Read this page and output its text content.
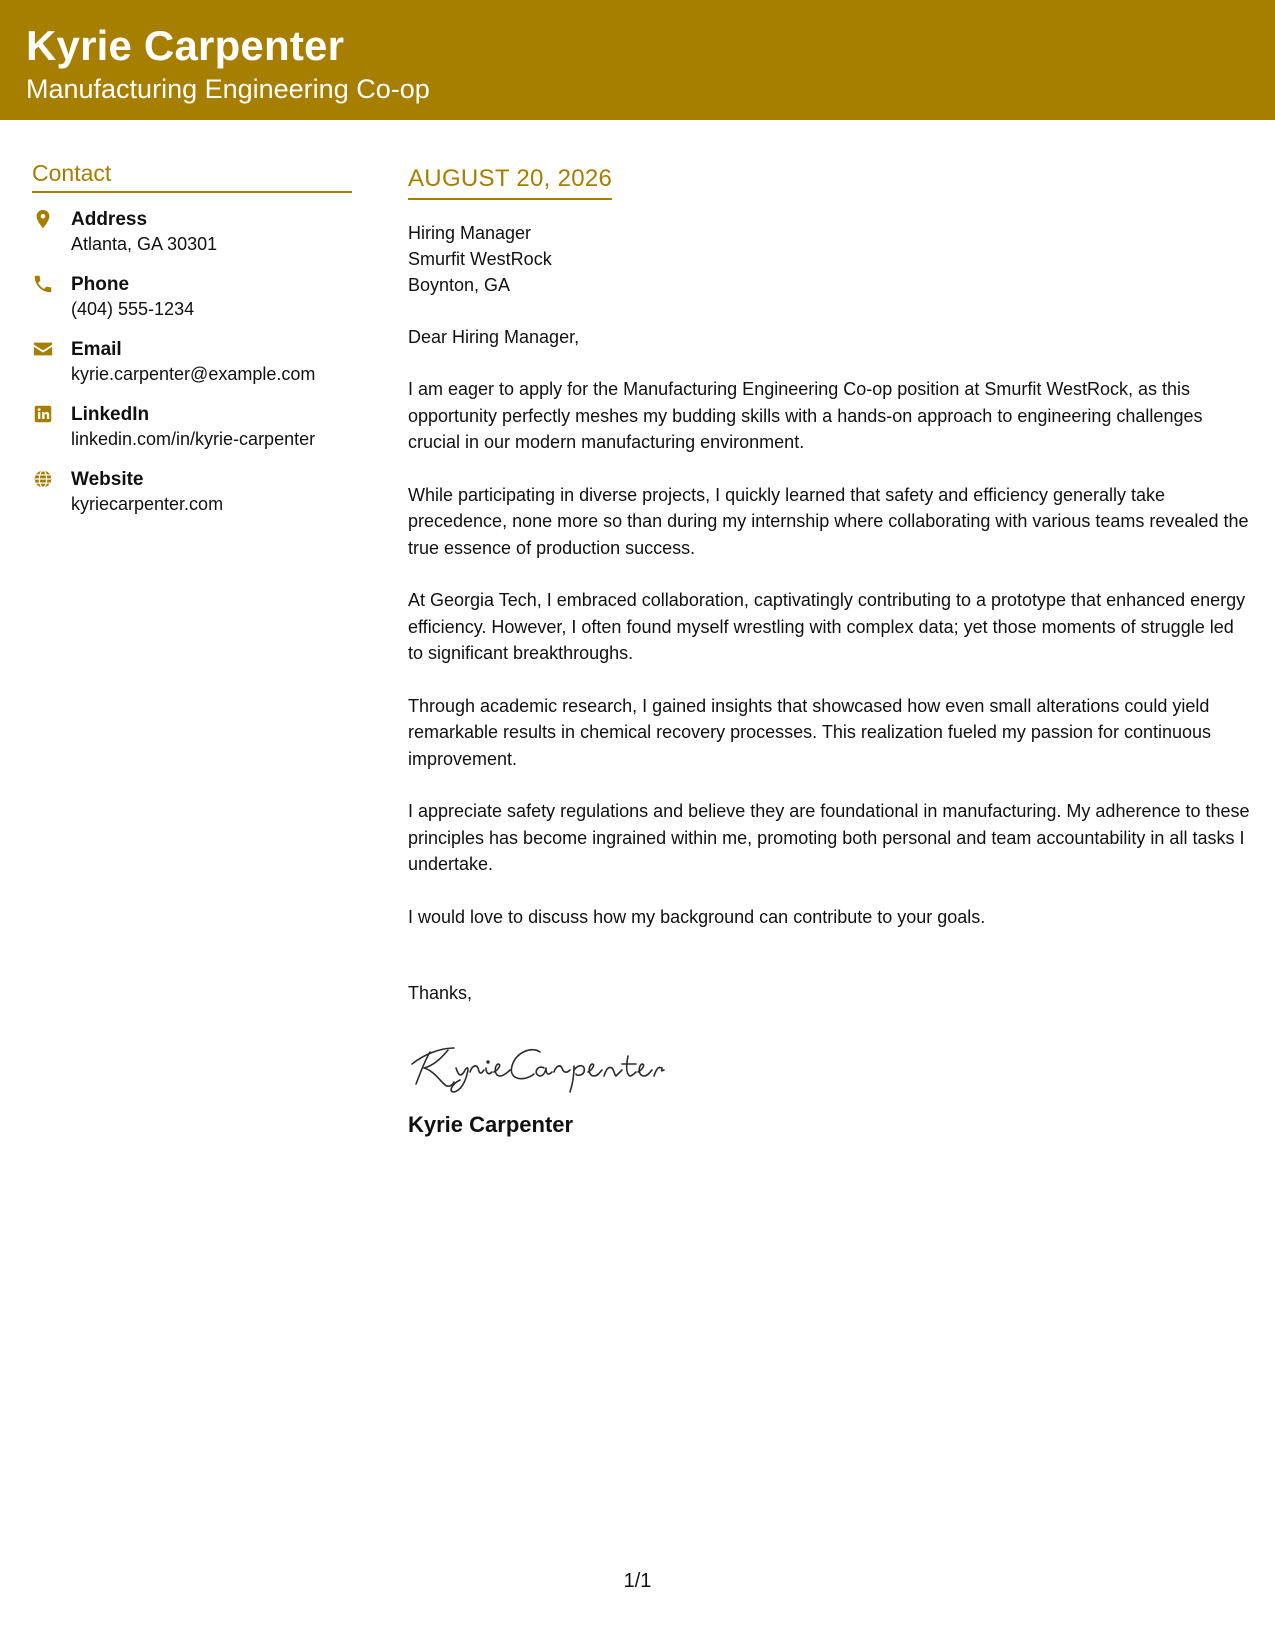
Kyrie Carpenter
Manufacturing Engineering Co-op
Contact
Address
Atlanta, GA 30301
Phone
(404) 555-1234
Email
kyrie.carpenter@example.com
LinkedIn
linkedin.com/in/kyrie-carpenter
Website
kyriecarpenter.com
AUGUST 20, 2026
Hiring Manager
Smurfit WestRock
Boynton, GA
Dear Hiring Manager,
I am eager to apply for the Manufacturing Engineering Co-op position at Smurfit WestRock, as this opportunity perfectly meshes my budding skills with a hands-on approach to engineering challenges crucial in our modern manufacturing environment.
While participating in diverse projects, I quickly learned that safety and efficiency generally take precedence, none more so than during my internship where collaborating with various teams revealed the true essence of production success.
At Georgia Tech, I embraced collaboration, captivatingly contributing to a prototype that enhanced energy efficiency. However, I often found myself wrestling with complex data; yet those moments of struggle led to significant breakthroughs.
Through academic research, I gained insights that showcased how even small alterations could yield remarkable results in chemical recovery processes. This realization fueled my passion for continuous improvement.
I appreciate safety regulations and believe they are foundational in manufacturing. My adherence to these principles has become ingrained within me, promoting both personal and team accountability in all tasks I undertake.
I would love to discuss how my background can contribute to your goals.
Thanks,
Kyrie Carpenter
1/1
